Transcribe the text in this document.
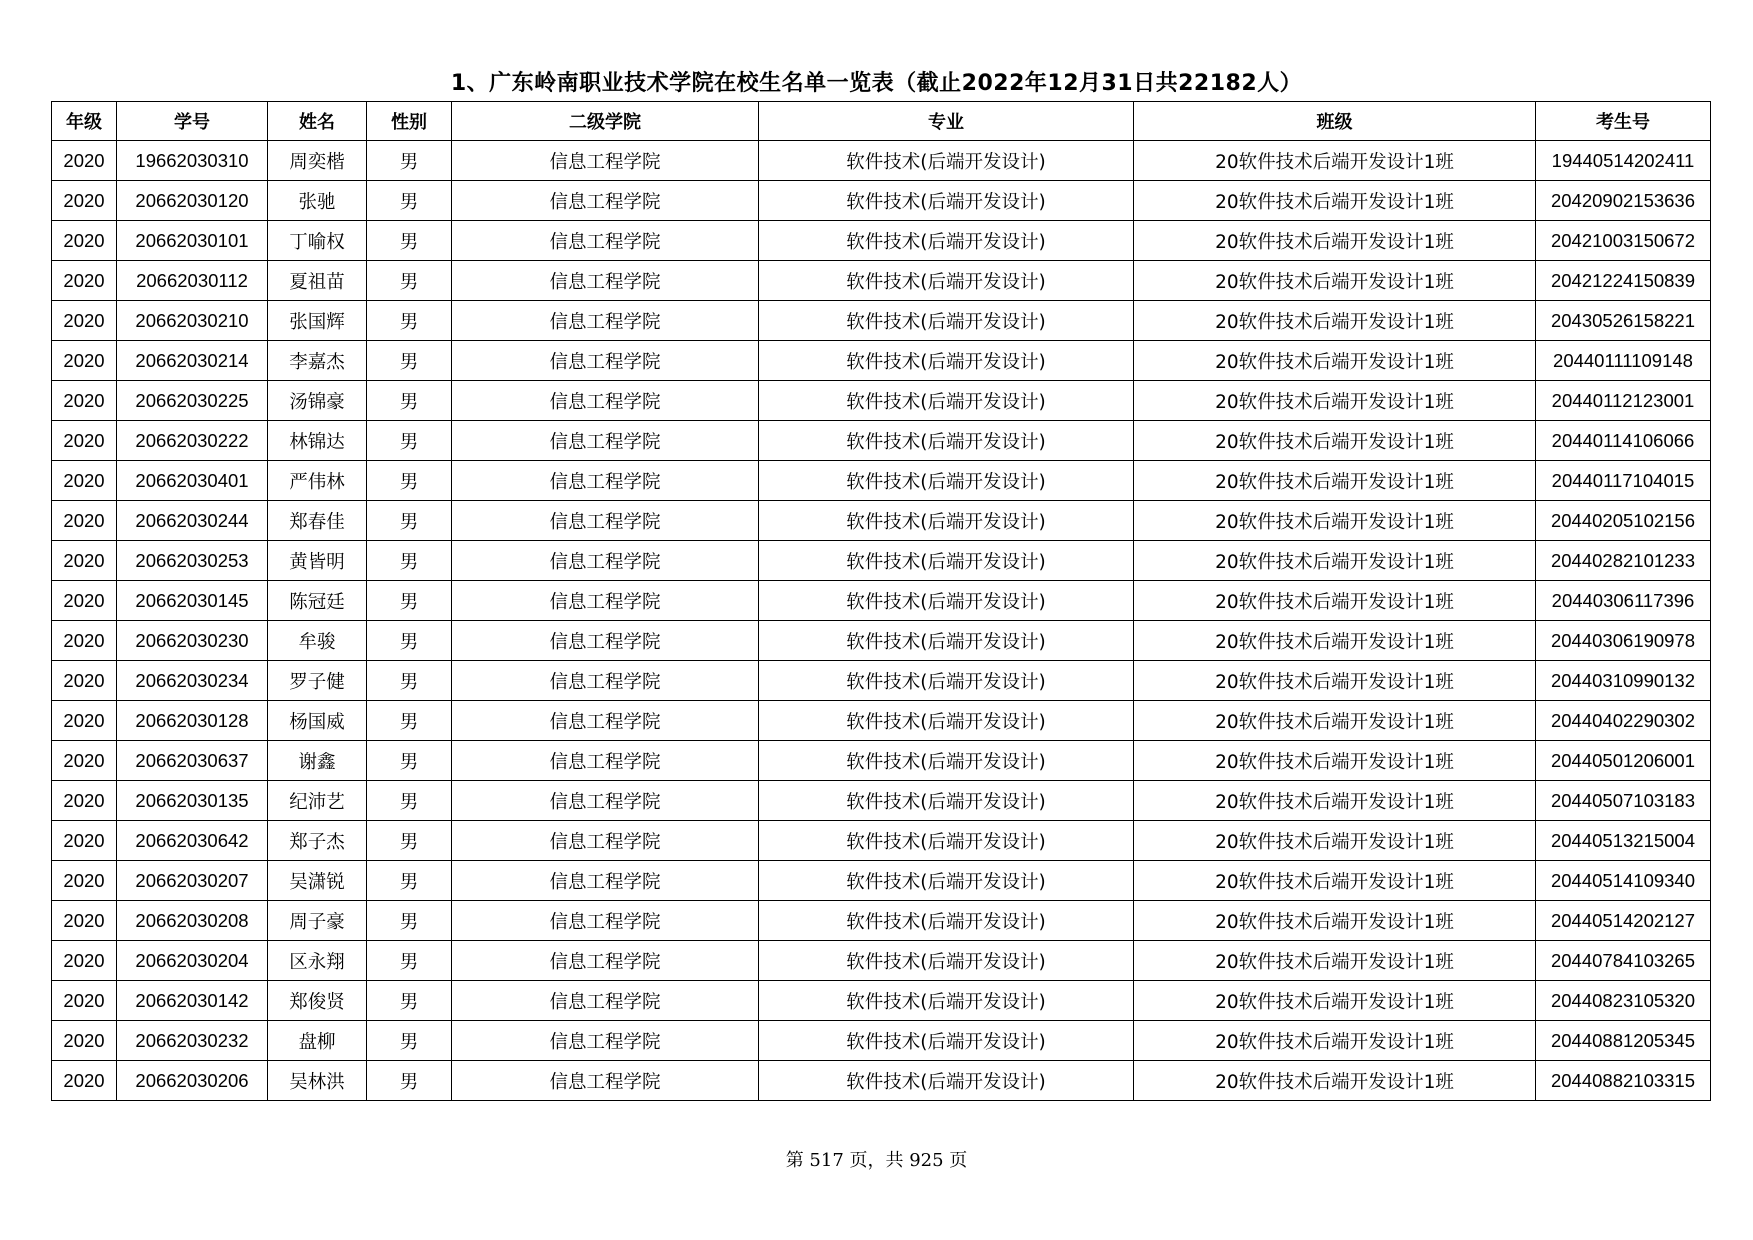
1、广东岭南职业技术学院在校生名单一览表（截止2022年12月31日共22182人）
年级	学号	姓名	性别	二级学院	专业	班级	考生号
2020	19662030310	周奕楷	男	信息工程学院	软件技术(后端开发设计)	20软件技术后端开发设计1班	19440514202411
2020	20662030120	张驰	男	信息工程学院	软件技术(后端开发设计)	20软件技术后端开发设计1班	20420902153636
2020	20662030101	丁喻权	男	信息工程学院	软件技术(后端开发设计)	20软件技术后端开发设计1班	20421003150672
2020	20662030112	夏祖苗	男	信息工程学院	软件技术(后端开发设计)	20软件技术后端开发设计1班	20421224150839
2020	20662030210	张国辉	男	信息工程学院	软件技术(后端开发设计)	20软件技术后端开发设计1班	20430526158221
2020	20662030214	李嘉杰	男	信息工程学院	软件技术(后端开发设计)	20软件技术后端开发设计1班	20440111109148
2020	20662030225	汤锦豪	男	信息工程学院	软件技术(后端开发设计)	20软件技术后端开发设计1班	20440112123001
2020	20662030222	林锦达	男	信息工程学院	软件技术(后端开发设计)	20软件技术后端开发设计1班	20440114106066
2020	20662030401	严伟林	男	信息工程学院	软件技术(后端开发设计)	20软件技术后端开发设计1班	20440117104015
2020	20662030244	郑春佳	男	信息工程学院	软件技术(后端开发设计)	20软件技术后端开发设计1班	20440205102156
2020	20662030253	黄皆明	男	信息工程学院	软件技术(后端开发设计)	20软件技术后端开发设计1班	20440282101233
2020	20662030145	陈冠廷	男	信息工程学院	软件技术(后端开发设计)	20软件技术后端开发设计1班	20440306117396
2020	20662030230	牟骏	男	信息工程学院	软件技术(后端开发设计)	20软件技术后端开发设计1班	20440306190978
2020	20662030234	罗子健	男	信息工程学院	软件技术(后端开发设计)	20软件技术后端开发设计1班	20440310990132
2020	20662030128	杨国威	男	信息工程学院	软件技术(后端开发设计)	20软件技术后端开发设计1班	20440402290302
2020	20662030637	谢鑫	男	信息工程学院	软件技术(后端开发设计)	20软件技术后端开发设计1班	20440501206001
2020	20662030135	纪沛艺	男	信息工程学院	软件技术(后端开发设计)	20软件技术后端开发设计1班	20440507103183
2020	20662030642	郑子杰	男	信息工程学院	软件技术(后端开发设计)	20软件技术后端开发设计1班	20440513215004
2020	20662030207	吴潇锐	男	信息工程学院	软件技术(后端开发设计)	20软件技术后端开发设计1班	20440514109340
2020	20662030208	周子豪	男	信息工程学院	软件技术(后端开发设计)	20软件技术后端开发设计1班	20440514202127
2020	20662030204	区永翔	男	信息工程学院	软件技术(后端开发设计)	20软件技术后端开发设计1班	20440784103265
2020	20662030142	郑俊贤	男	信息工程学院	软件技术(后端开发设计)	20软件技术后端开发设计1班	20440823105320
2020	20662030232	盘柳	男	信息工程学院	软件技术(后端开发设计)	20软件技术后端开发设计1班	20440881205345
2020	20662030206	吴林洪	男	信息工程学院	软件技术(后端开发设计)	20软件技术后端开发设计1班	20440882103315
第 517 页，共 925 页
